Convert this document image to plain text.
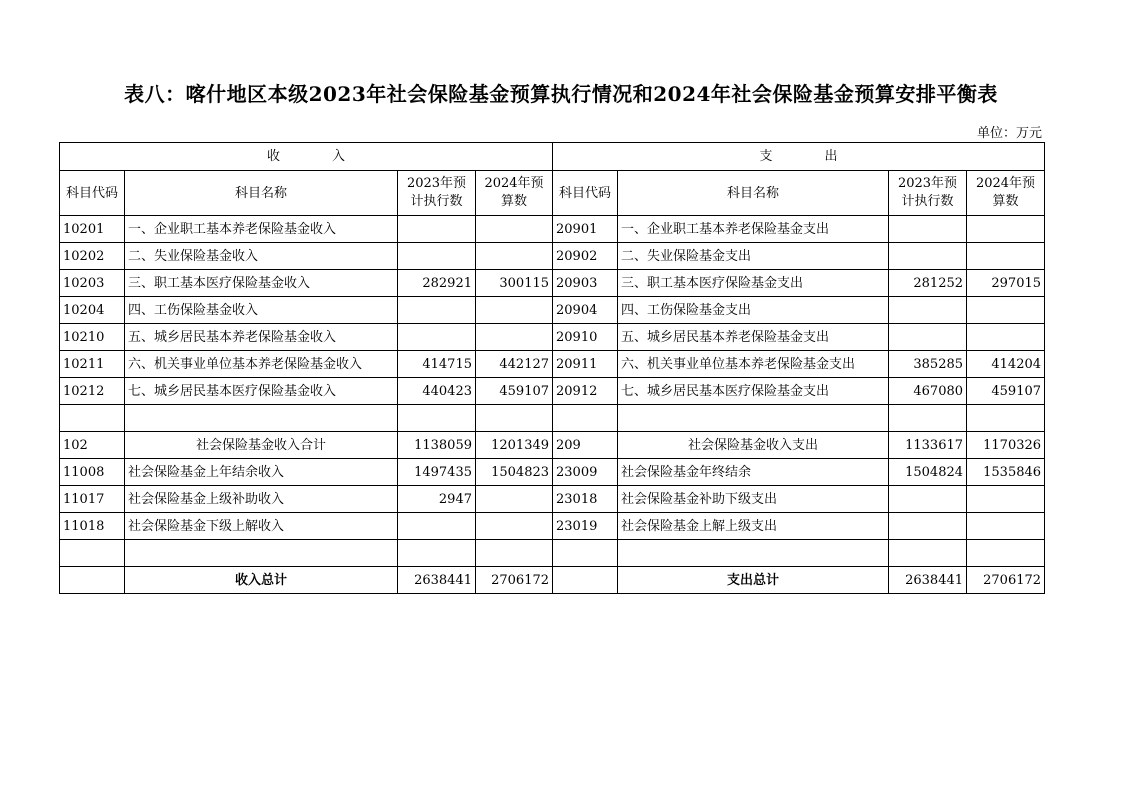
表八：喀什地区本级2023年社会保险基金预算执行情况和2024年社会保险基金预算安排平衡表
单位：万元
收　　　　入				支　　　　出			
科目代码	科目名称	2023年预计执行数	2024年预算数	科目代码	科目名称	2023年预计执行数	2024年预算数

10201	一、企业职工基本养老保险基金收入			20901	一、企业职工基本养老保险基金支出		
10202	二、失业保险基金收入			20902	二、失业保险基金支出		
10203	三、职工基本医疗保险基金收入	282921	300115	20903	三、职工基本医疗保险基金支出	281252	297015
10204	四、工伤保险基金收入			20904	四、工伤保险基金支出		
10210	五、城乡居民基本养老保险基金收入			20910	五、城乡居民基本养老保险基金支出		
10211	六、机关事业单位基本养老保险基金收入	414715	442127	20911	六、机关事业单位基本养老保险基金支出	385285	414204
10212	七、城乡居民基本医疗保险基金收入	440423	459107	20912	七、城乡居民基本医疗保险基金支出	467080	459107

102	社会保险基金收入合计	1138059	1201349	209	社会保险基金收入支出	1133617	1170326
11008	社会保险基金上年结余收入	1497435	1504823	23009	社会保险基金年终结余	1504824	1535846
11017	社会保险基金上级补助收入	2947		23018	社会保险基金补助下级支出		
11018	社会保险基金下级上解收入			23019	社会保险基金上解上级支出		

	收入总计	2638441	2706172		支出总计	2638441	2706172
